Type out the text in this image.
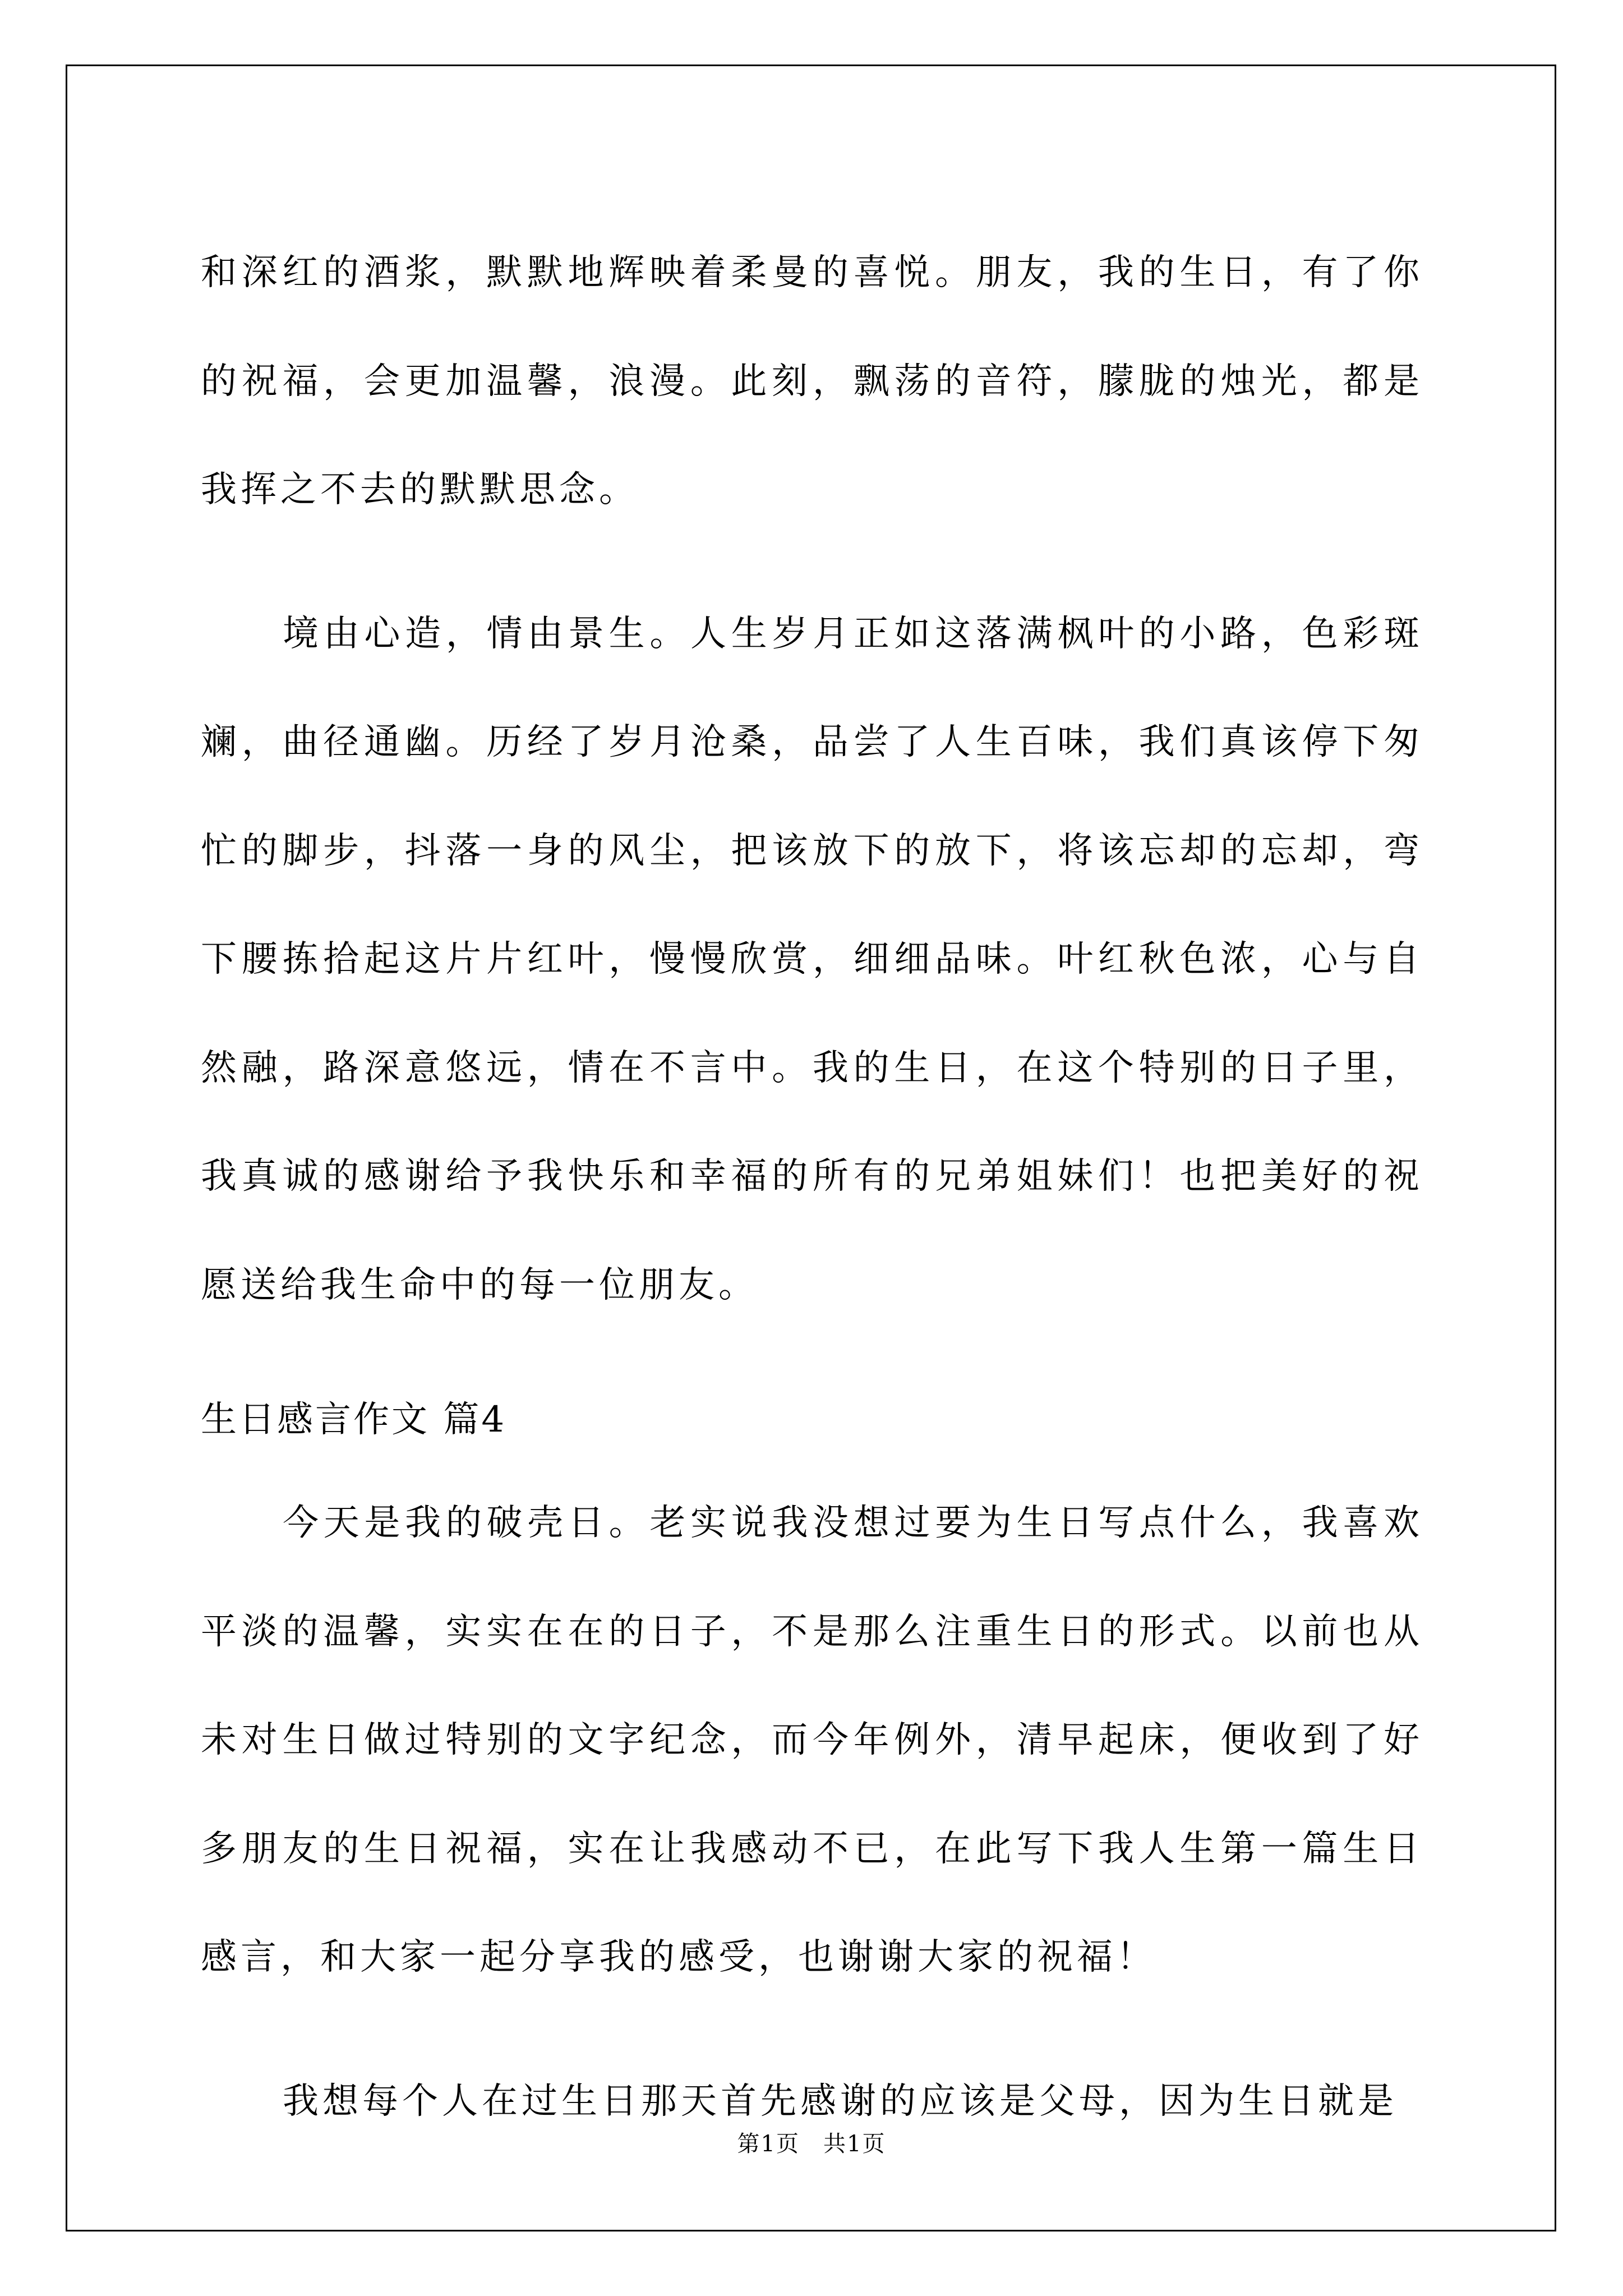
和深红的酒浆，默默地辉映着柔曼的喜悦。朋友，我的生日，有了你的祝福，会更加温馨，浪漫。此刻，飘荡的音符，朦胧的烛光，都是我挥之不去的默默思念。

境由心造，情由景生。人生岁月正如这落满枫叶的小路，色彩斑斓，曲径通幽。历经了岁月沧桑，品尝了人生百味，我们真该停下匆忙的脚步，抖落一身的风尘，把该放下的放下，将该忘却的忘却，弯下腰拣拾起这片片红叶，慢慢欣赏，细细品味。叶红秋色浓，心与自然融，路深意悠远，情在不言中。我的生日，在这个特别的日子里，我真诚的感谢给予我快乐和幸福的所有的兄弟姐妹们！也把美好的祝愿送给我生命中的每一位朋友。

生日感言作文 篇4

今天是我的破壳日。老实说我没想过要为生日写点什么，我喜欢平淡的温馨，实实在在的日子，不是那么注重生日的形式。以前也从未对生日做过特别的文字纪念，而今年例外，清早起床，便收到了好多朋友的生日祝福，实在让我感动不已，在此写下我人生第一篇生日感言，和大家一起分享我的感受，也谢谢大家的祝福！

我想每个人在过生日那天首先感谢的应该是父母，因为生日就是

第1页　共1页
